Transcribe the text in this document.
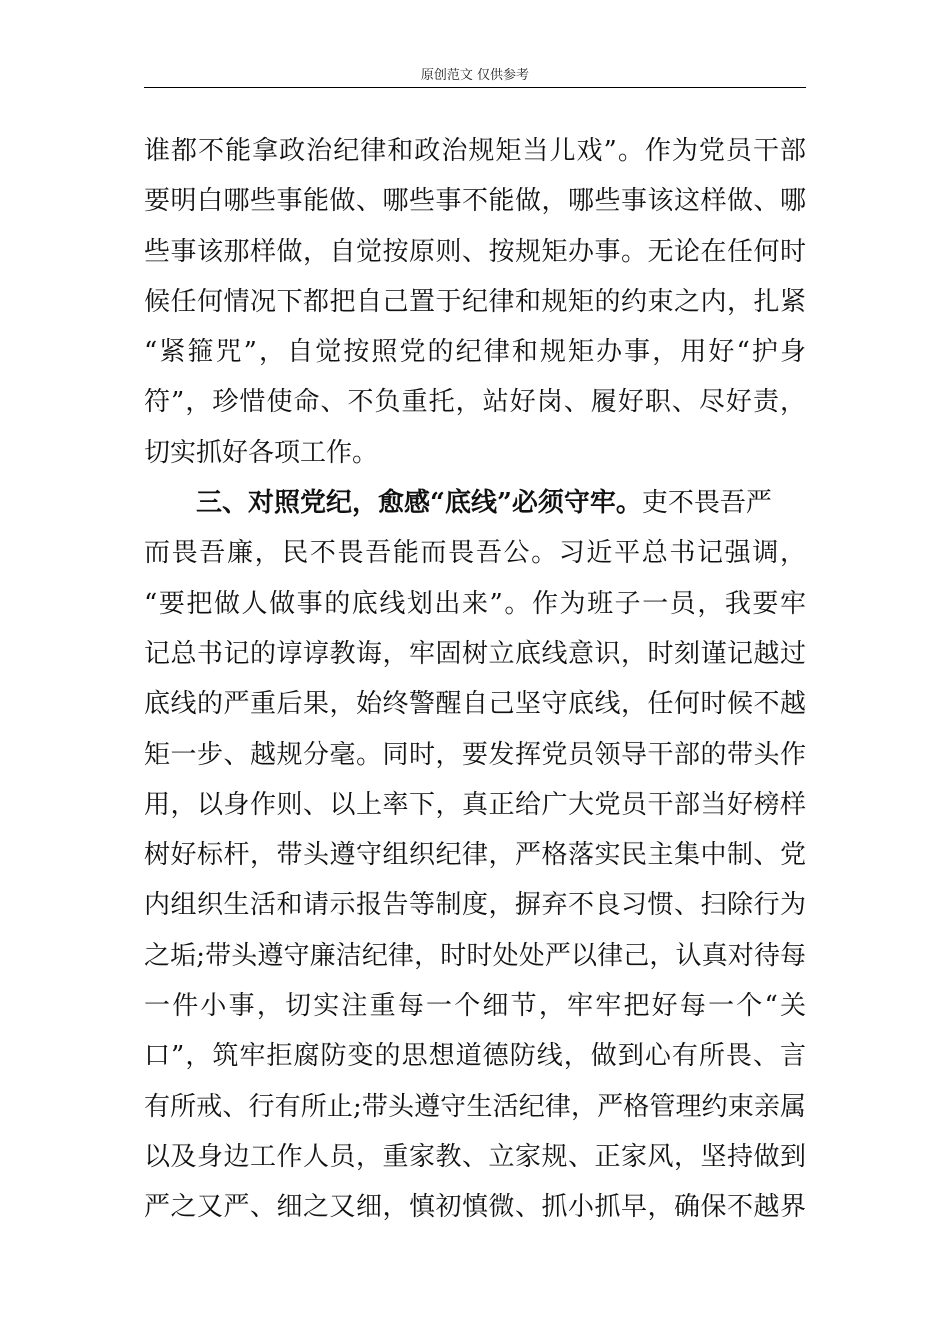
原创范文 仅供参考
谁都不能拿政治纪律和政治规矩当儿戏”。作为党员干部
要明白哪些事能做、哪些事不能做，哪些事该这样做、哪
些事该那样做，自觉按原则、按规矩办事。无论在任何时
候任何情况下都把自己置于纪律和规矩的约束之内，扎紧
“紧箍咒”，自觉按照党的纪律和规矩办事，用好“护身
符”，珍惜使命、不负重托，站好岗、履好职、尽好责，
切实抓好各项工作。
三、对照党纪，愈感“底线”必须守牢。吏不畏吾严
而畏吾廉，民不畏吾能而畏吾公。习近平总书记强调，
“要把做人做事的底线划出来”。作为班子一员，我要牢
记总书记的谆谆教诲，牢固树立底线意识，时刻谨记越过
底线的严重后果，始终警醒自己坚守底线，任何时候不越
矩一步、越规分毫。同时，要发挥党员领导干部的带头作
用，以身作则、以上率下，真正给广大党员干部当好榜样
树好标杆，带头遵守组织纪律，严格落实民主集中制、党
内组织生活和请示报告等制度，摒弃不良习惯、扫除行为
之垢;带头遵守廉洁纪律，时时处处严以律己，认真对待每
一件小事，切实注重每一个细节，牢牢把好每一个“关
口”，筑牢拒腐防变的思想道德防线，做到心有所畏、言
有所戒、行有所止;带头遵守生活纪律，严格管理约束亲属
以及身边工作人员，重家教、立家规、正家风，坚持做到
严之又严、细之又细，慎初慎微、抓小抓早，确保不越界
